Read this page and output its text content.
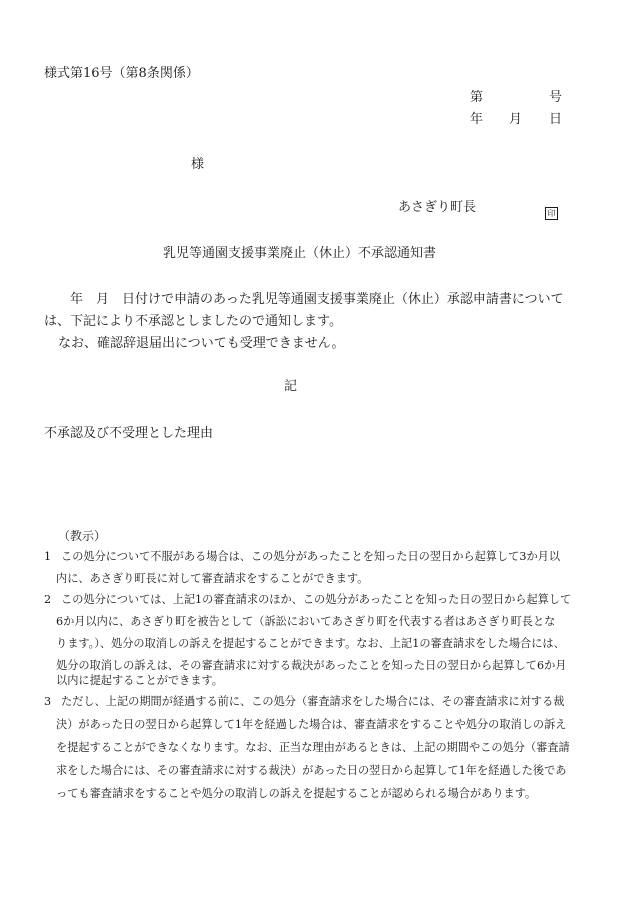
様式第16号（第8条関係）
第	号
年 月 日
様
あさぎり町長	印
乳児等通園支援事業廃止（休止）不承認通知書
年　月　日付けで申請のあった乳児等通園支援事業廃止（休止）承認申請書について
は、下記により不承認としましたので通知します。
なお、確認辞退届出についても受理できません。
記
不承認及び不受理とした理由
（教示）
1 この処分について不服がある場合は、この処分があったことを知った日の翌日から起算して3か月以
内に、あさぎり町長に対して審査請求をすることができます。
2 この処分については、上記1の審査請求のほか、この処分があったことを知った日の翌日から起算して
6か月以内に、あさぎり町を被告として（訴訟においてあさぎり町を代表する者はあさぎり町長とな
ります。）、処分の取消しの訴えを提起することができます。なお、上記1の審査請求をした場合には、
処分の取消しの訴えは、その審査請求に対する裁決があったことを知った日の翌日から起算して6か月
以内に提起することができます。
3 ただし、上記の期間が経過する前に、この処分（審査請求をした場合には、その審査請求に対する裁
決）があった日の翌日から起算して1年を経過した場合は、審査請求をすることや処分の取消しの訴え
を提起することができなくなります。なお、正当な理由があるときは、上記の期間やこの処分（審査請
求をした場合には、その審査請求に対する裁決）があった日の翌日から起算して1年を経過した後であ
っても審査請求をすることや処分の取消しの訴えを提起することが認められる場合があります。
